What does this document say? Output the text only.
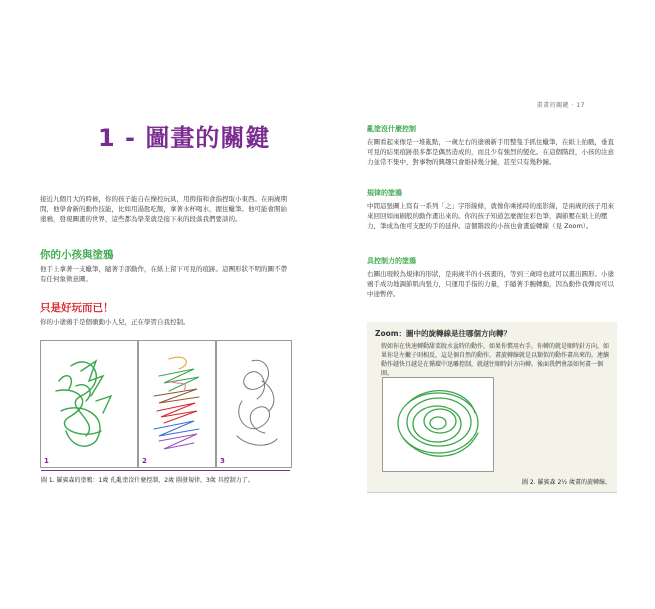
畫畫的關鍵 · 17
1 - 圖畫的關鍵
接近九個月大的時候，你的孩子能自在操控玩具，用拇指和食指捏取小東西。在兩歲期間，他學會新的動作技能，比如用湯匙吃飯，拿著水杯喝水，握住蠟筆。他可能會開始塗鴉，發現圖畫的世界，這些都為學業就是接下來的段落我們要談的。
你的小孩與塗鴉
他手上拿著一支蠟筆，隨著手部動作，在紙上留下可見的痕跡。這團形狀不明的圖不帶有任何象徵意圖。
只是好玩而已！
你的小塗鴉手是個衝動小人兒，正在學習自我控制。
1	2	3
圖 1. 羅賓森的塗鴉：1歲 孔亂塗沒什麼控制，2歲 圖發規律，3歲 具控制力了。
亂塗沒什麼控制
在圖看起來像是一堆亂點，一歲左右的塗鴉新手用整隻手抓住蠟筆，在紙上拍戳，垂直可見的結果痕跡很多都是偶然造成的，而且少有強烈的變化。在這個階段，小孩的注意力並常不集中，對事物的興趣只會維持幾分鐘，甚至只有幾秒鐘。
規律的塗鴉
中間這張圖上寫有一系列「之」字形線條，就像你乘搖時的座影線，是兩歲的孩子用來來回回如雨刷般的動作畫出來的。你的孩子知道怎麼握住彩色筆，調節壓在紙上的壓力，筆成為他可支配的手的延伸。這個階段的小孩也會畫旋轉線（見 Zoom）。
具控制力的塗鴉
右圖出現較為規律的形狀，是兩歲半的小孩畫的，等到三歲時也就可以畫出圓形。小塗鴉手成功地調節肌肉張力，只運用手指的力量，手隨著手腕轉動，因為動作我彈而可以中途暫停。
Zoom：圖中的旋轉線是往哪個方向轉？
假如你在快速轉動甜菜脫水盆時的動作，如果你慣用右手，你轉的就是順時針方向，如果你是左撇子則相反，這是個自然的動作，畫旋轉線就是以類似的動作畫出來的。連續動作越快且越是在循環中迅雕控制，就越往順時針方向轉。後面我們會談如何畫一個圈。
圖 2. 羅賓森 2½ 歲畫的旋轉線。
